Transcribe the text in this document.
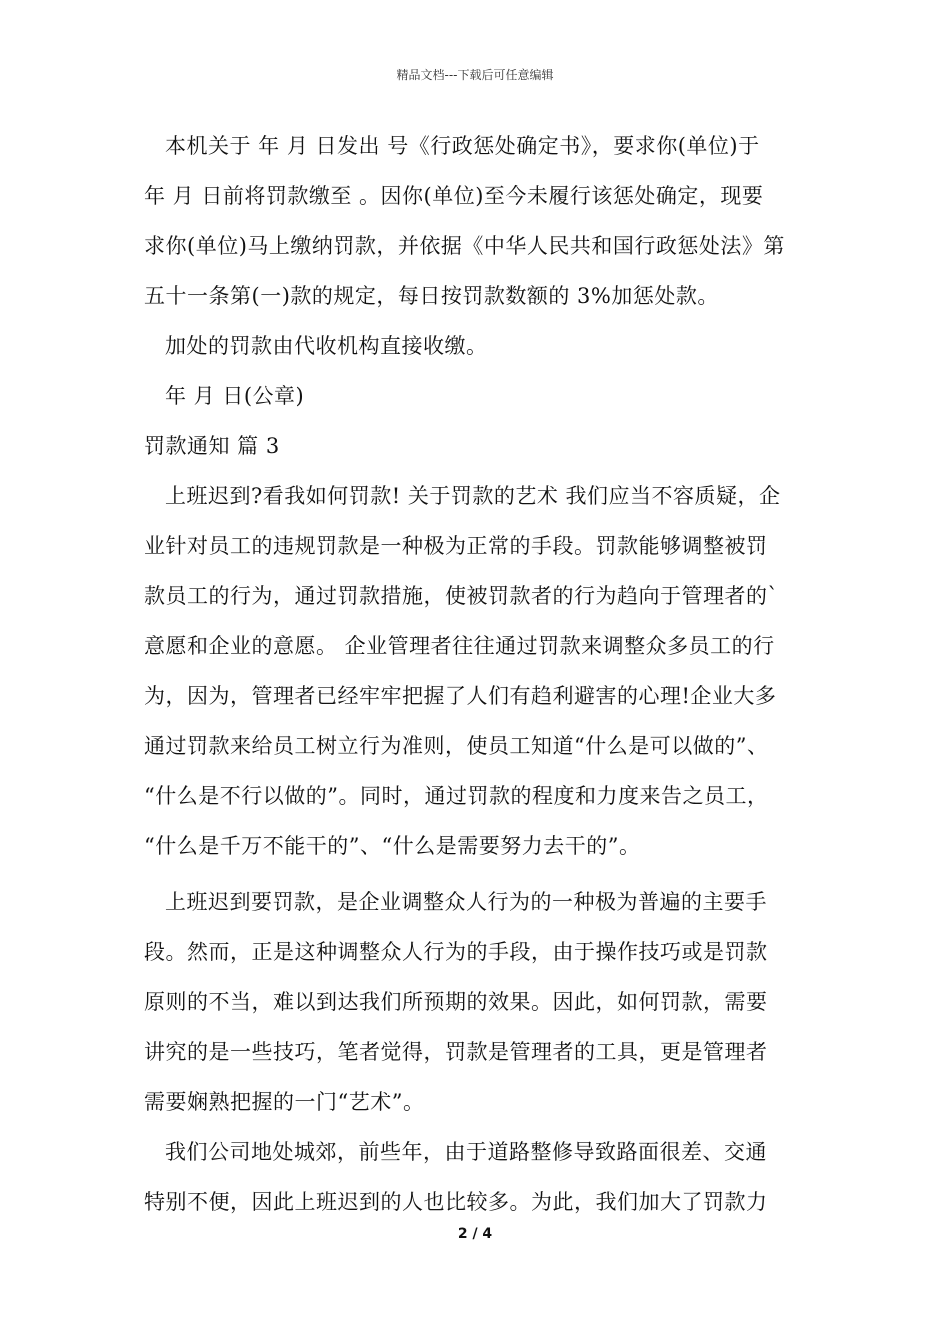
精品文档---下载后可任意编辑
本机关于 年 月 日发出 号《行政惩处确定书》，要求你(单位)于
年 月 日前将罚款缴至 。因你(单位)至今未履行该惩处确定，现要
求你(单位)马上缴纳罚款，并依据《中华人民共和国行政惩处法》第
五十一条第(一)款的规定，每日按罚款数额的 3%加惩处款。
加处的罚款由代收机构直接收缴。
年 月 日(公章)
罚款通知 篇 3
上班迟到?看我如何罚款! 关于罚款的艺术 我们应当不容质疑，企
业针对员工的违规罚款是一种极为正常的手段。罚款能够调整被罚
款员工的行为，通过罚款措施，使被罚款者的行为趋向于管理者的`
意愿和企业的意愿。 企业管理者往往通过罚款来调整众多员工的行
为，因为，管理者已经牢牢把握了人们有趋利避害的心理!企业大多
通过罚款来给员工树立行为准则，使员工知道“什么是可以做的”、
“什么是不行以做的”。同时，通过罚款的程度和力度来告之员工，
“什么是千万不能干的”、“什么是需要努力去干的”。
上班迟到要罚款，是企业调整众人行为的一种极为普遍的主要手
段。然而，正是这种调整众人行为的手段，由于操作技巧或是罚款
原则的不当，难以到达我们所预期的效果。因此，如何罚款，需要
讲究的是一些技巧，笔者觉得，罚款是管理者的工具，更是管理者
需要娴熟把握的一门“艺术”。
我们公司地处城郊，前些年，由于道路整修导致路面很差、交通
特别不便，因此上班迟到的人也比较多。为此，我们加大了罚款力
2 / 4
